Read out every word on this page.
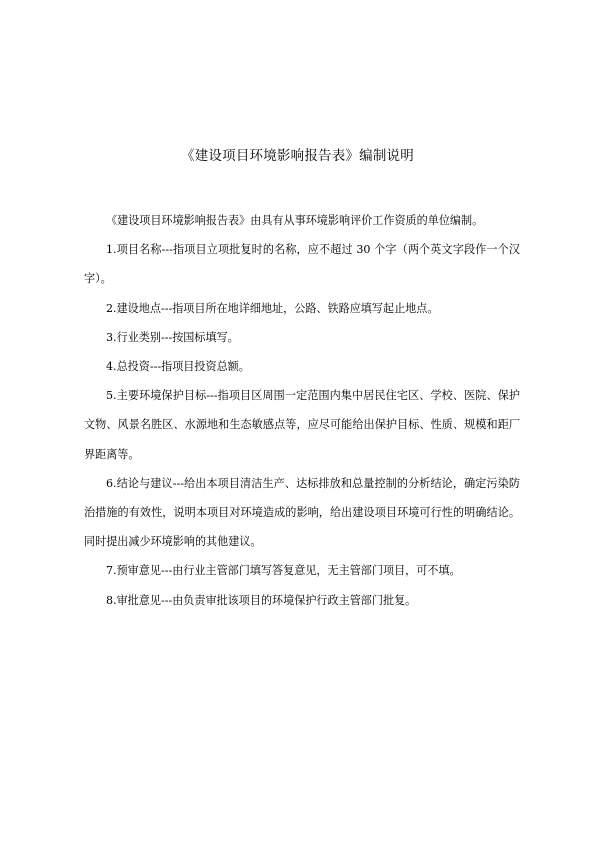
《建设项目环境影响报告表》编制说明

《建设项目环境影响报告表》由具有从事环境影响评价工作资质的单位编制。

1.项目名称---指项目立项批复时的名称，应不超过 30 个字（两个英文字段作一个汉字）。

2.建设地点---指项目所在地详细地址，公路、铁路应填写起止地点。

3.行业类别---按国标填写。

4.总投资---指项目投资总额。

5.主要环境保护目标---指项目区周围一定范围内集中居民住宅区、学校、医院、保护文物、风景名胜区、水源地和生态敏感点等，应尽可能给出保护目标、性质、规模和距厂界距离等。

6.结论与建议---给出本项目清洁生产、达标排放和总量控制的分析结论，确定污染防治措施的有效性，说明本项目对环境造成的影响，给出建设项目环境可行性的明确结论。同时提出减少环境影响的其他建议。

7.预审意见---由行业主管部门填写答复意见，无主管部门项目，可不填。

8.审批意见---由负责审批该项目的环境保护行政主管部门批复。
